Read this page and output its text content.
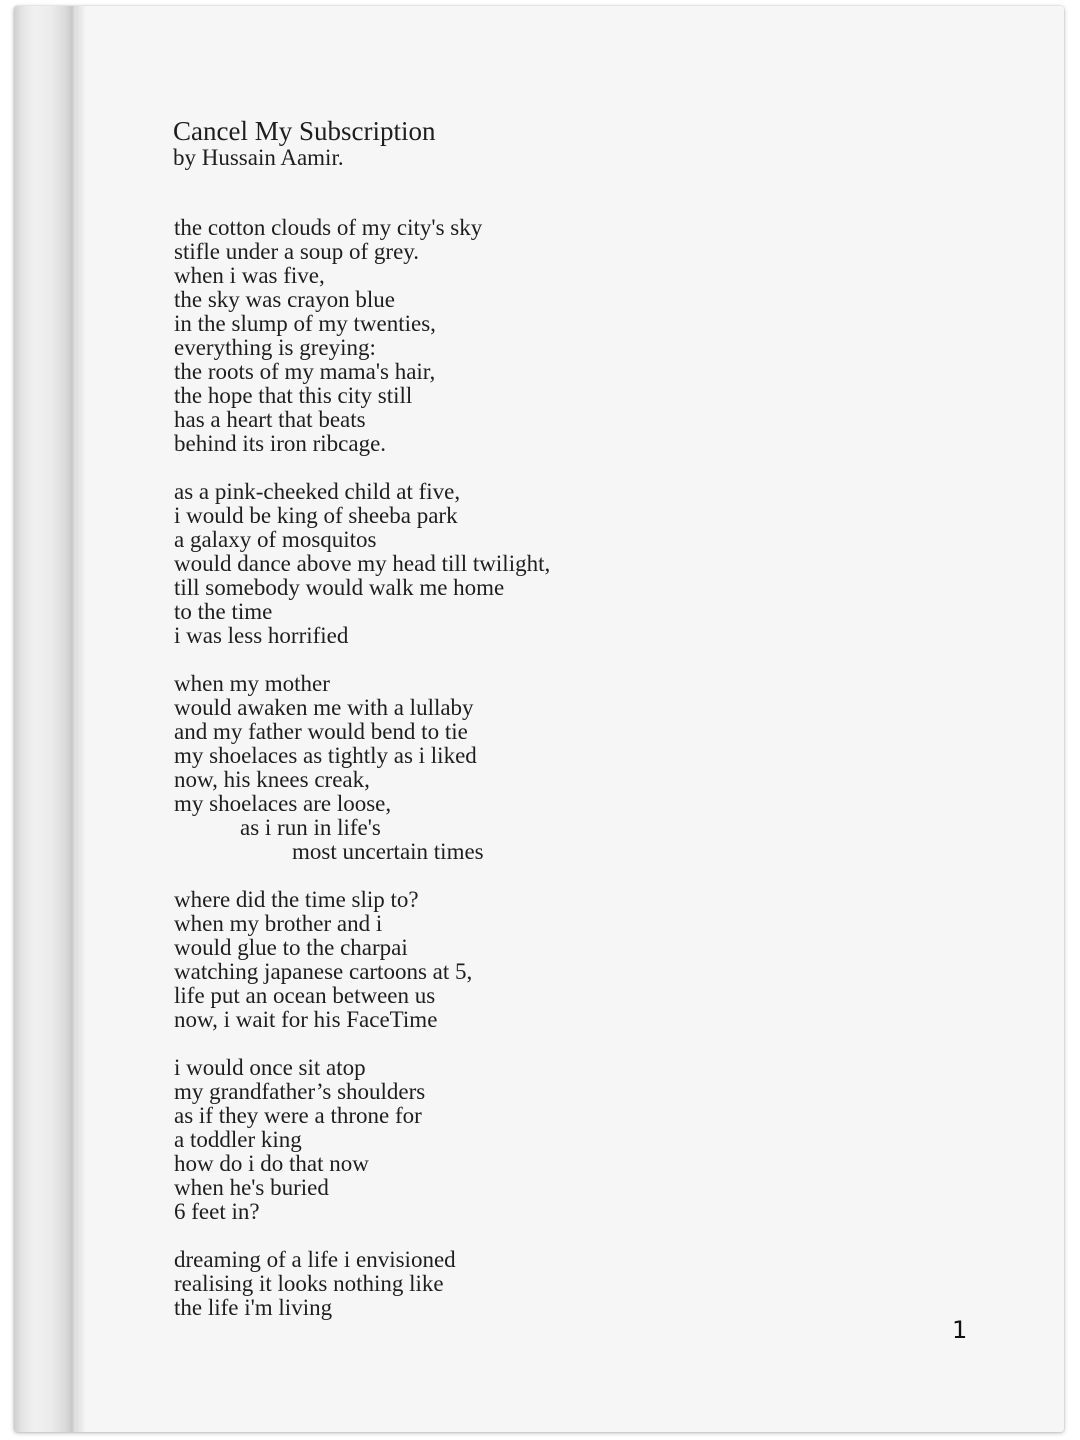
Cancel My Subscription

by Hussain Aamir.

the cotton clouds of my city's sky
stifle under a soup of grey.
when i was five,
the sky was crayon blue
in the slump of my twenties,
everything is greying:
the roots of my mama's hair,
the hope that this city still
has a heart that beats
behind its iron ribcage.
as a pink-cheeked child at five,
i would be king of sheeba park
a galaxy of mosquitos
would dance above my head till twilight,
till somebody would walk me home
to the time
i was less horrified
when my mother
would awaken me with a lullaby
and my father would bend to tie
my shoelaces as tightly as i liked
now, his knees creak,
my shoelaces are loose,
as i run in life's
most uncertain times
where did the time slip to?
when my brother and i
would glue to the charpai
watching japanese cartoons at 5,
life put an ocean between us
now, i wait for his FaceTime
i would once sit atop
my grandfather’s shoulders
as if they were a throne for
a toddler king
how do i do that now
when he's buried
6 feet in?
dreaming of a life i envisioned
realising it looks nothing like
the life i'm living
1
